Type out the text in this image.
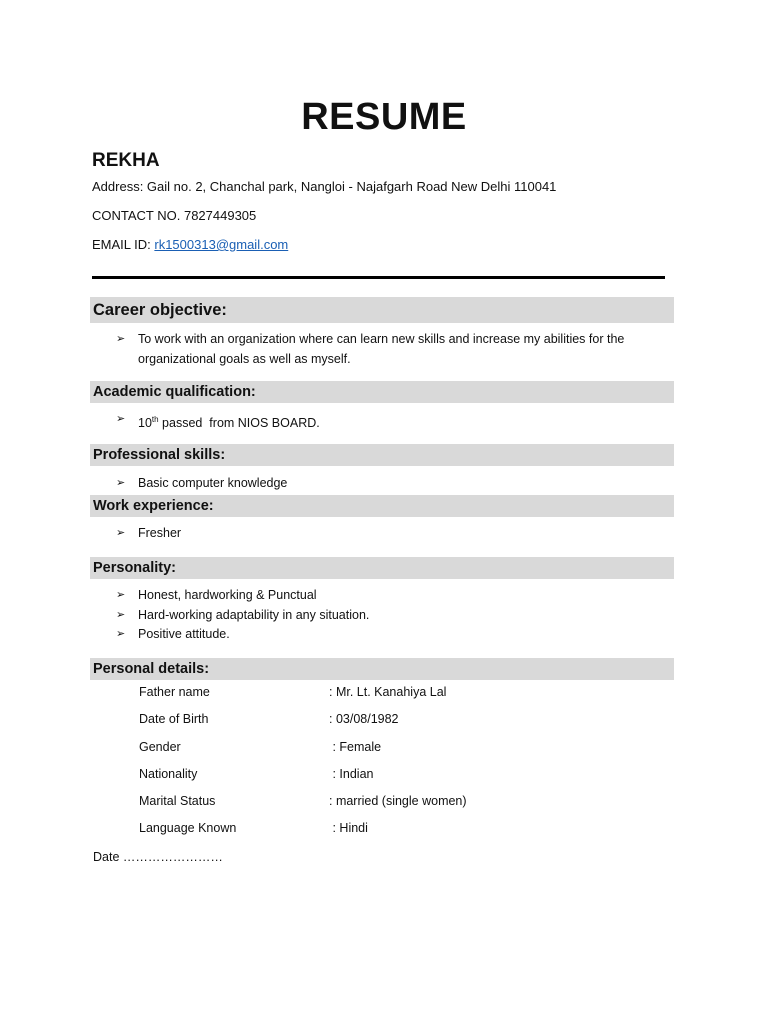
RESUME
REKHA
Address: Gail no. 2, Chanchal park, Nangloi - Najafgarh Road New Delhi 110041
CONTACT NO. 7827449305
EMAIL ID: rk1500313@gmail.com
Career objective:
➢ To work with an organization where can learn new skills and increase my abilities for the organizational goals as well as myself.
Academic qualification:
➢ 10th passed  from NIOS BOARD.
Professional skills:
➢ Basic computer knowledge
Work experience:
➢ Fresher
Personality:
➢ Honest, hardworking & Punctual
➢ Hard-working adaptability in any situation.
➢ Positive attitude.
Personal details:
Father name	: Mr. Lt. Kanahiya Lal
Date of Birth	: 03/08/1982
Gender	: Female
Nationality	: Indian
Marital Status	: married (single women)
Language Known	: Hindi
Date ……………………
